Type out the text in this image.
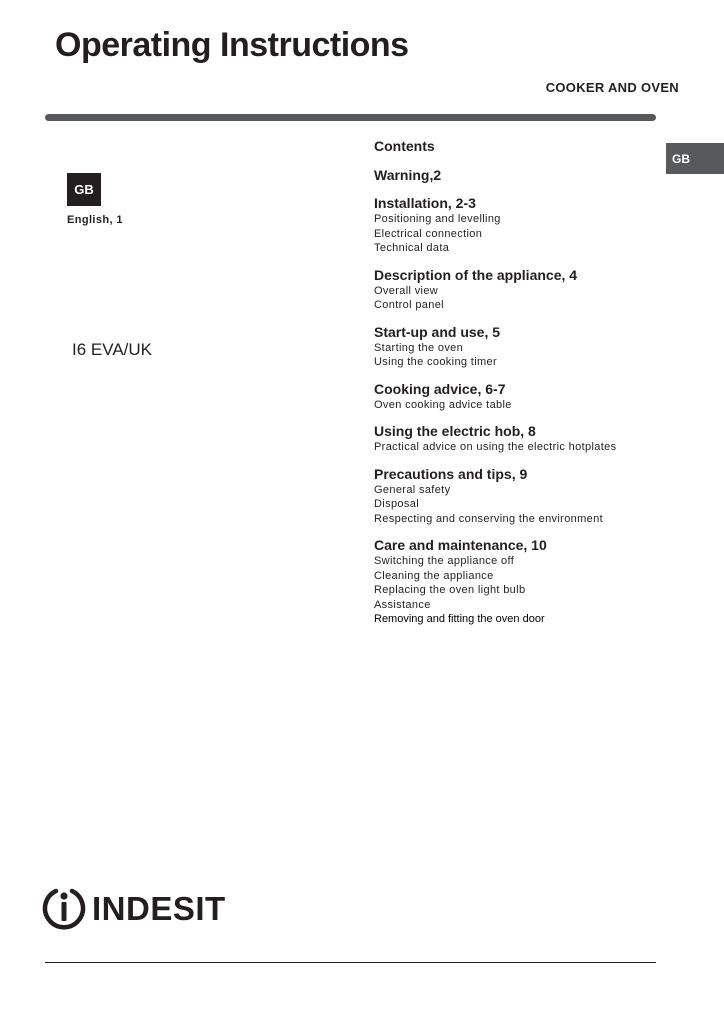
Operating Instructions
COOKER AND OVEN
GB
GB
English, 1
I6 EVA/UK
Contents
Warning,2
Installation, 2-3
Positioning and levelling
Electrical connection
Technical data
Description of the appliance, 4
Overall view
Control panel
Start-up and use, 5
Starting the oven
Using the cooking timer
Cooking advice, 6-7
Oven cooking advice table
Using the electric hob, 8
Practical advice on using the electric hotplates
Precautions and tips, 9
General safety
Disposal
Respecting and conserving the environment
Care and maintenance, 10
Switching the appliance off
Cleaning the appliance
Replacing the oven light bulb
Assistance
Removing and fitting the oven door
INDESIT
